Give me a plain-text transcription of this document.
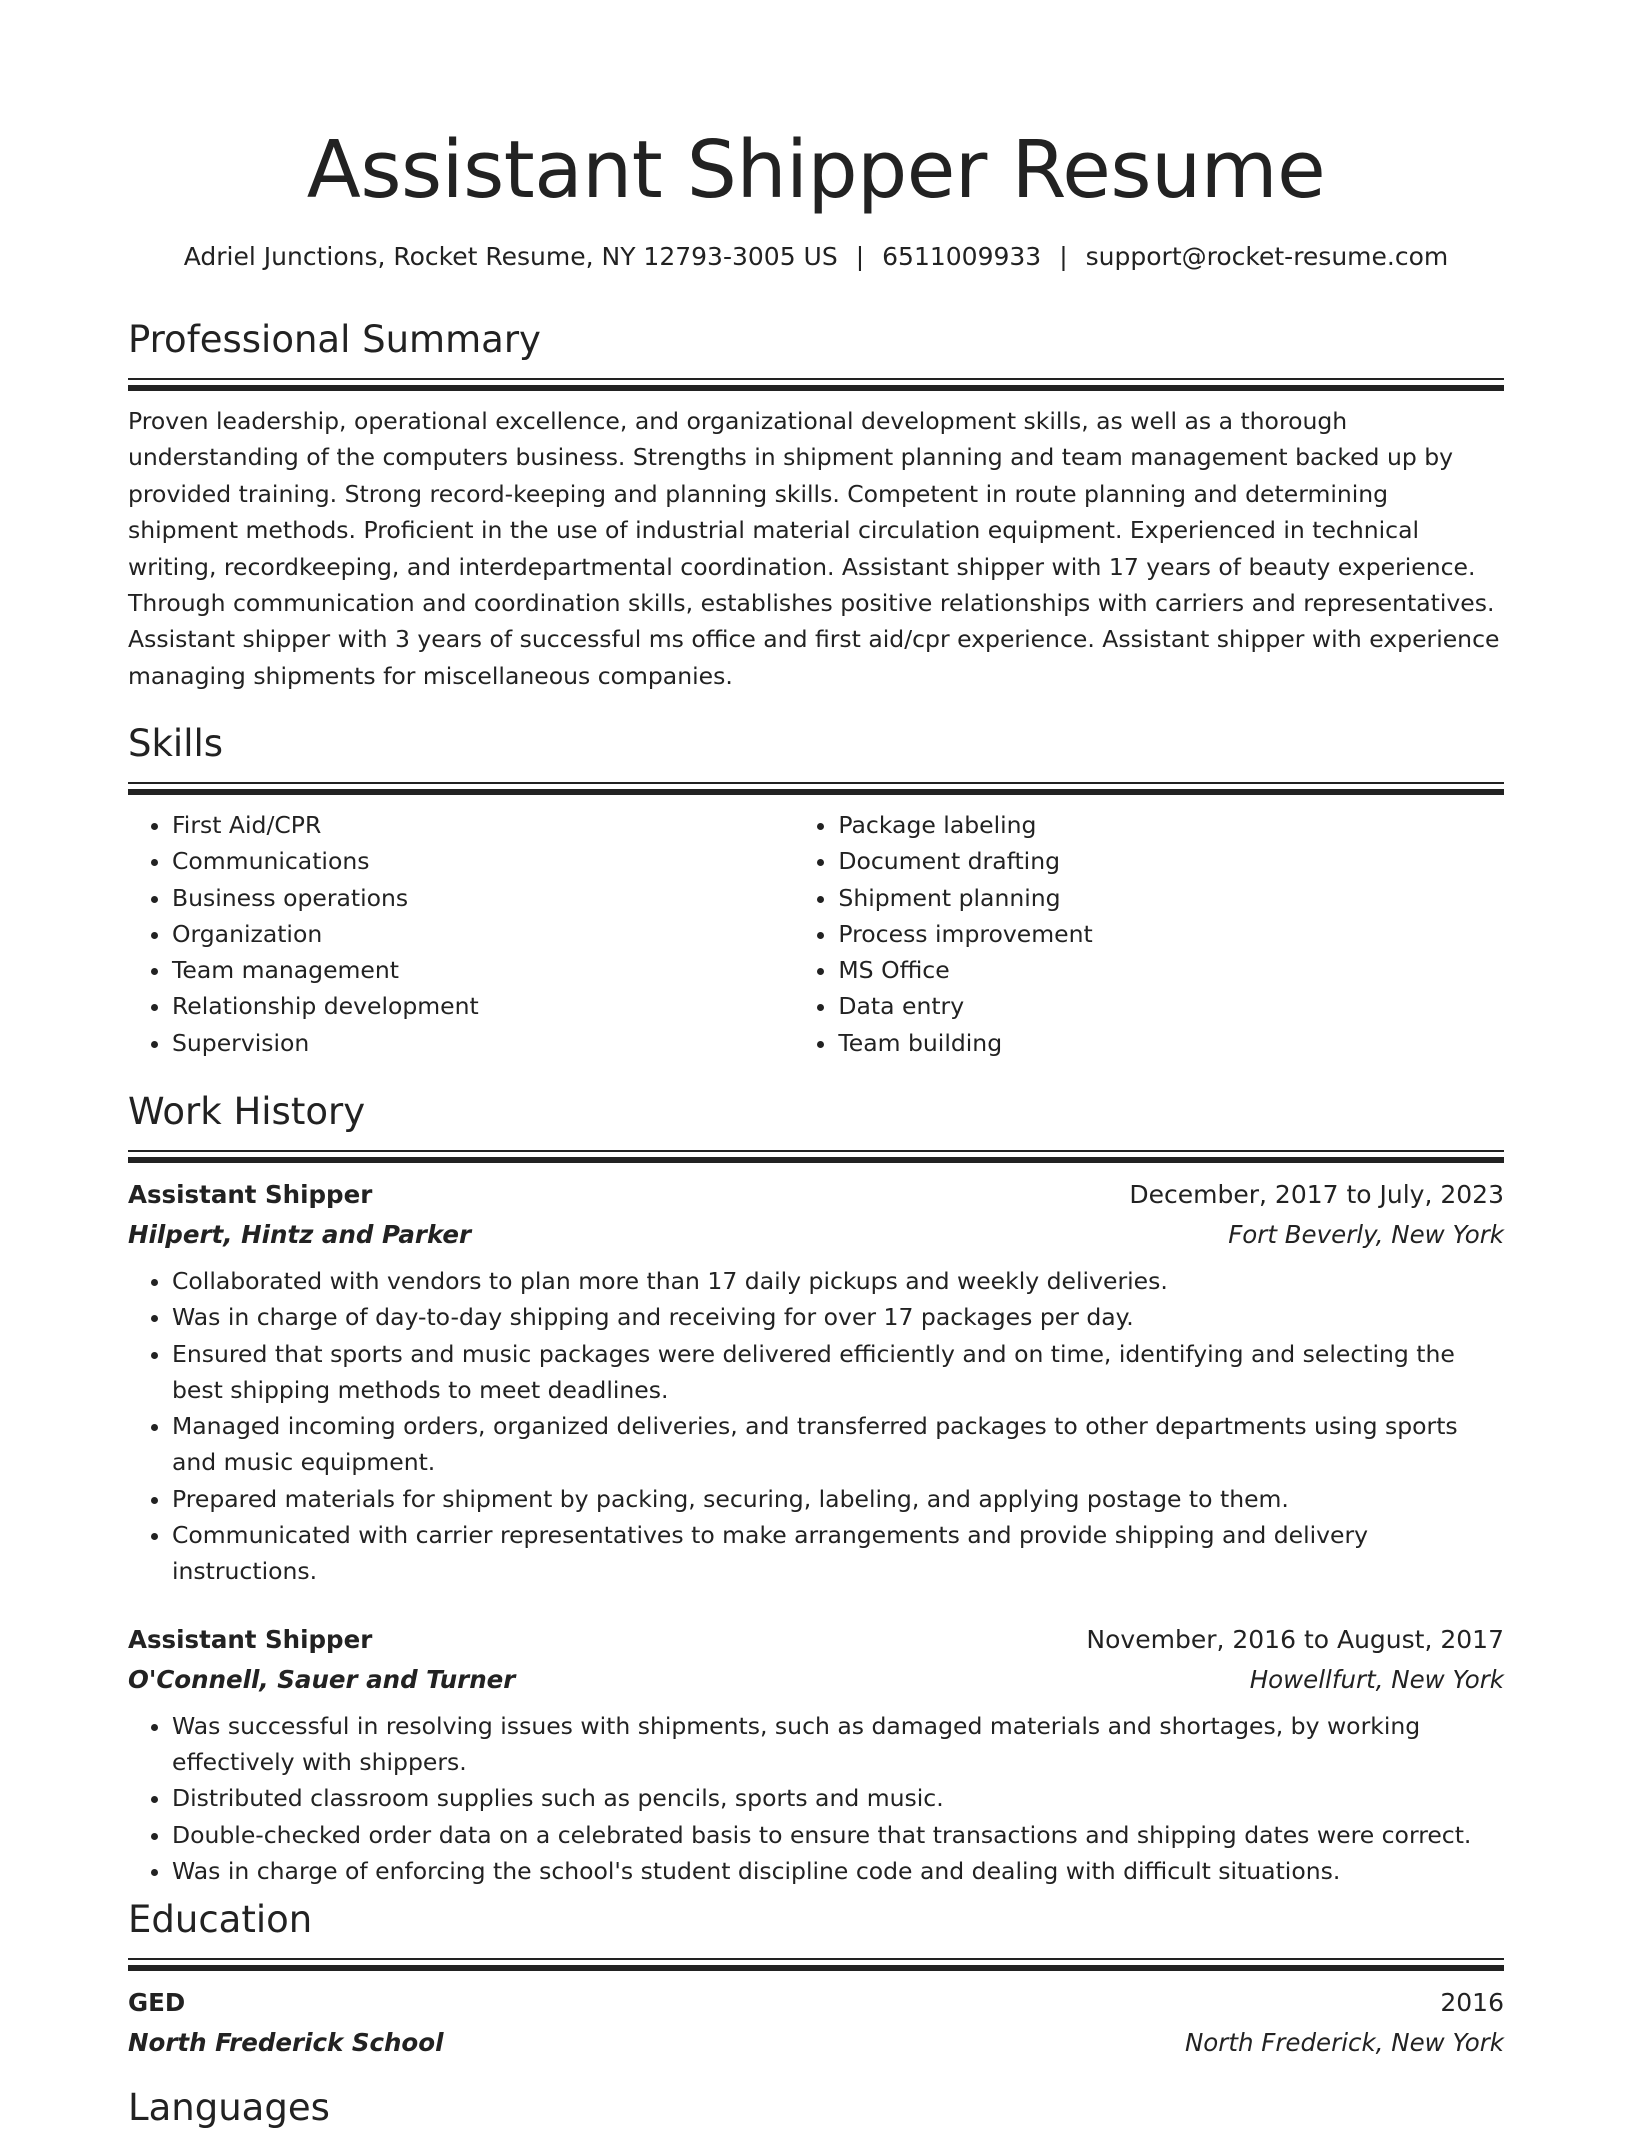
Assistant Shipper Resume
Adriel Junctions, Rocket Resume, NY 12793-3005 US | 6511009933 | support@rocket-resume.com
Professional Summary

Proven leadership, operational excellence, and organizational development skills, as well as a thorough understanding of the computers business. Strengths in shipment planning and team management backed up by provided training. Strong record-keeping and planning skills. Competent in route planning and determining shipment methods. Proficient in the use of industrial material circulation equipment. Experienced in technical writing, recordkeeping, and interdepartmental coordination. Assistant shipper with 17 years of beauty experience. Through communication and coordination skills, establishes positive relationships with carriers and representatives. Assistant shipper with 3 years of successful ms office and first aid/cpr experience. Assistant shipper with experience managing shipments for miscellaneous companies.

Skills
• First Aid/CPR
• Communications
• Business operations
• Organization
• Team management
• Relationship development
• Supervision
• Package labeling
• Document drafting
• Shipment planning
• Process improvement
• MS Office
• Data entry
• Team building
Work History
Assistant Shipper	December, 2017 to July, 2023
Hilpert, Hintz and Parker	Fort Beverly, New York
• Collaborated with vendors to plan more than 17 daily pickups and weekly deliveries.
• Was in charge of day-to-day shipping and receiving for over 17 packages per day.
• Ensured that sports and music packages were delivered efficiently and on time, identifying and selecting the best shipping methods to meet deadlines.
• Managed incoming orders, organized deliveries, and transferred packages to other departments using sports and music equipment.
• Prepared materials for shipment by packing, securing, labeling, and applying postage to them.
• Communicated with carrier representatives to make arrangements and provide shipping and delivery instructions.
Assistant Shipper	November, 2016 to August, 2017
O'Connell, Sauer and Turner	Howellfurt, New York
• Was successful in resolving issues with shipments, such as damaged materials and shortages, by working effectively with shippers.
• Distributed classroom supplies such as pencils, sports and music.
• Double-checked order data on a celebrated basis to ensure that transactions and shipping dates were correct.
• Was in charge of enforcing the school's student discipline code and dealing with difficult situations.
Education
GED	2016
North Frederick School	North Frederick, New York
Languages
